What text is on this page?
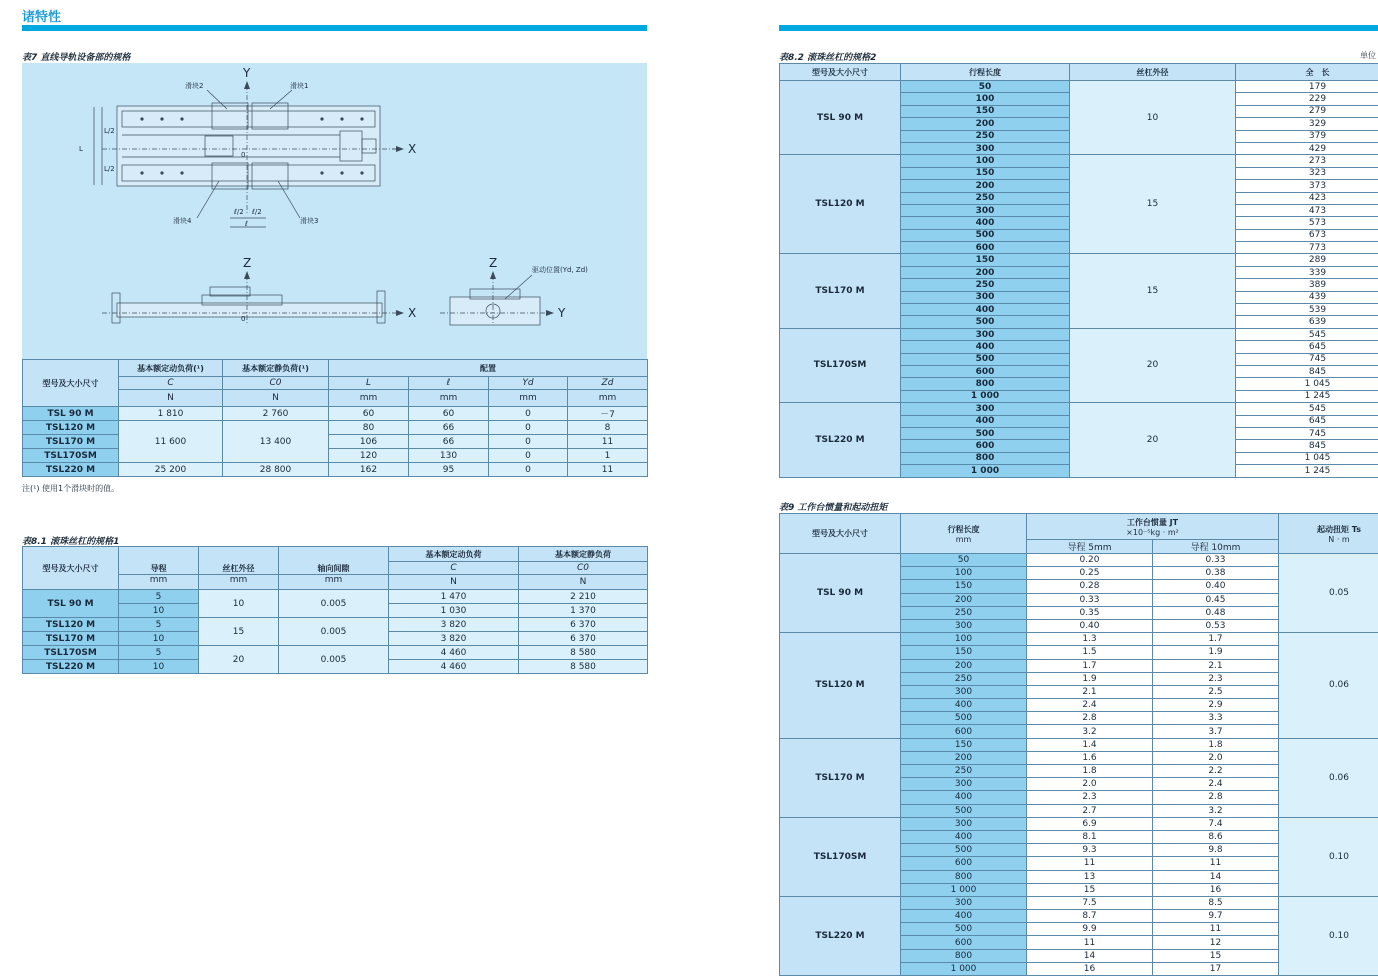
诸特性
表7 直线导轨设备部的规格
滑块2	滑块1
滑块4	滑块3
L
L/2
L/2
ℓ/2 ℓ/2
ℓ
0
0
驱动位置(Yd, Zd)
X
Y
X
Z
Y
Z
型号及大小尺寸	基本额定动负荷(¹)	基本额定静负荷(¹)	配置			
	C	C0	L	ℓ	Yd	Zd
	N	N	mm	mm	mm	mm
TSL 90 M	1 810	2 760	60	60	0	－7
TSL120 M	11 600	13 400	80	66	0	8
TSL170 M			106	66	0	11
TSL170SM			120	130	0	1
TSL220 M	25 200	28 800	162	95	0	11
注(¹) 使用1个滑块时的值。
表8.1 滚珠丝杠的规格1
型号及大小尺寸	导程	丝杠外径	轴向间隙	基本额定动负荷	基本额定静负荷
				C	C0
	mm	mm	mm	N	N
TSL 90 M	5	10	0.005	1 470	2 210
	10			1 030	1 370
TSL120 M	5	15	0.005	3 820	6 370
TSL170 M	10			3 820	6 370
TSL170SM	5	20	0.005	4 460	8 580
TSL220 M	10			4 460	8 580
表8.2 滚珠丝杠的规格2	单位
型号及大小尺寸	行程长度	丝杠外径	全　长
TSL 90 M	50	10	179
	100		229
	150		279
	200		329
	250		379
	300		429
TSL120 M	100	15	273
	150		323
	200		373
	250		423
	300		473
	400		573
	500		673
	600		773
TSL170 M	150	15	289
	200		339
	250		389
	300		439
	400		539
	500		639
TSL170SM	300	20	545
	400		645
	500		745
	600		845
	800		1 045
	1 000		1 245
TSL220 M	300	20	545
	400		645
	500		745
	600		845
	800		1 045
	1 000		1 245
表9 工作台惯量和起动扭矩
型号及大小尺寸	行程长度
mm	工作台惯量 JT
×10⁻⁵kg · m²		起动扭矩 Ts
N · m
		导程 5mm	导程 10mm	
TSL 90 M	50	0.20	0.33	0.05
	100	0.25	0.38	
	150	0.28	0.40	
	200	0.33	0.45	
	250	0.35	0.48	
	300	0.40	0.53	
TSL120 M	100	1.3	1.7	0.06
	150	1.5	1.9	
	200	1.7	2.1	
	250	1.9	2.3	
	300	2.1	2.5	
	400	2.4	2.9	
	500	2.8	3.3	
	600	3.2	3.7	
TSL170 M	150	1.4	1.8	0.06
	200	1.6	2.0	
	250	1.8	2.2	
	300	2.0	2.4	
	400	2.3	2.8	
	500	2.7	3.2	
TSL170SM	300	6.9	7.4	0.10
	400	8.1	8.6	
	500	9.3	9.8	
	600	11	11	
	800	13	14	
	1 000	15	16	
TSL220 M	300	7.5	8.5	0.10
	400	8.7	9.7	
	500	9.9	11	
	600	11	12	
	800	14	15	
	1 000	16	17	
